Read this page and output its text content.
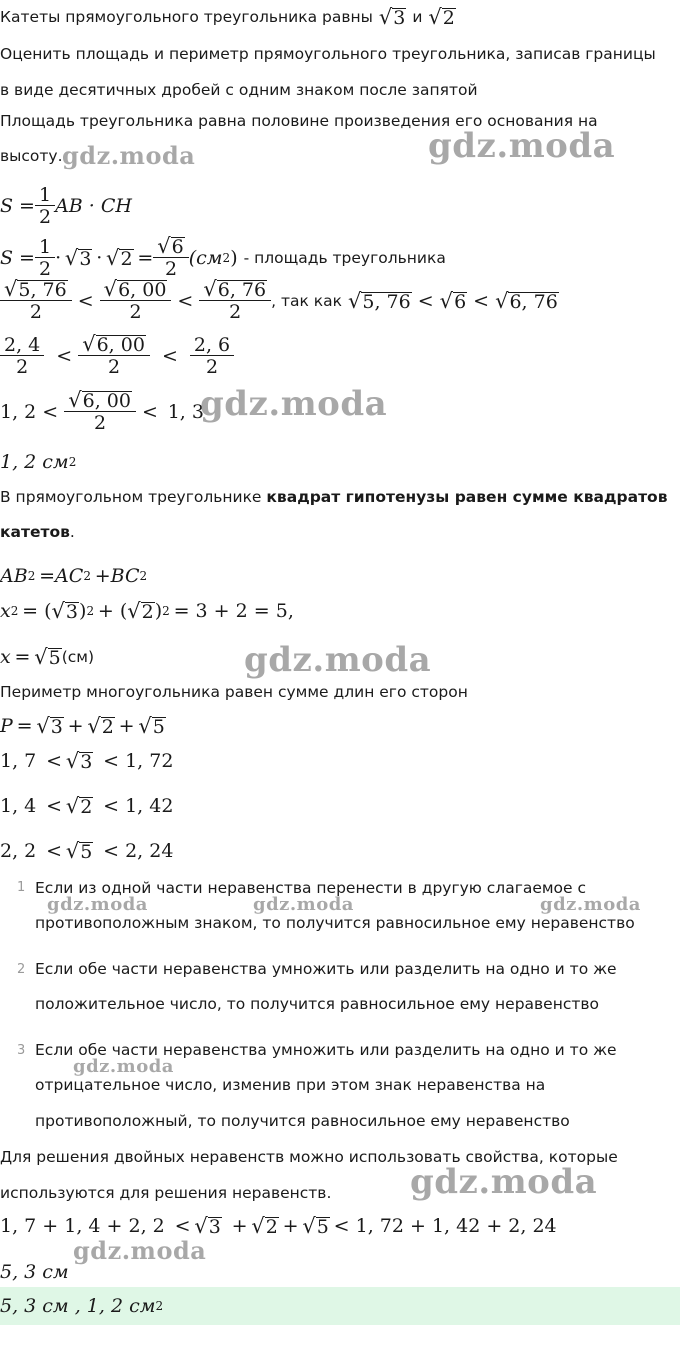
Катеты прямоугольного треугольника равны √ 3 и √ 2
Оценить площадь и периметр прямоугольного треугольника, записав границы
в виде десятичных дробей с одним знаком после запятой
Площадь треугольника равна половине произведения его основания на
высоту.
$S = \frac{1}{2}$ AB · CH
$S = \frac{1}{2}$ ·  √ 3  ·  √ $2 = \frac{√ 6}{2} (см$ 2 ) - площадь треугольника
$\frac{√ 5, 76}{2} < \frac{√ 6, 00}{2} < \frac{√ 6, 76}{2}$ , так как √ 5, 76 < √ 6 < √ 6, 76
$\frac{2, 4}{2} < \frac{√ 6, 00}{2} < \frac{2, 6}{2}$
1, $2 < \frac{√ 6, 00}{2} < 1$, 3
1, 2 см 2
В прямоугольном треугольнике квадрат гипотенузы равен сумме квадратов
катетов.
AB 2  = AC 2  + BC 2
x 2  = ( √ 3 ) 2  + ( √ 2 ) 2  = 3 + 2 = 5,
x  =  √ 5 (см)
Периметр многоугольника равен сумме длин его сторон
P  =  √ 3  +  √ 2  +  √ 5
1, 7  <  √ 3   < 1, 72
1, 4  <  √ 2   < 1, 42
2, 2  <  √ 5   < 2, 24
1 Если из одной части неравенства перенести в другую слагаемое с
противоположным знаком, то получится равносильное ему неравенство
2 Если обе части неравенства умножить или разделить на одно и то же
положительное число, то получится равносильное ему неравенство
3 Если обе части неравенства умножить или разделить на одно и то же
отрицательное число, изменив при этом знак неравенства на
противоположный, то получится равносильное ему неравенство
Для решения двойных неравенств можно использовать свойства, которые
используются для решения неравенств.
1, 7 + 1, 4 + 2, 2  <  √ 3   +  √ 2  +  √ 5  < 1, 72 + 1, 42 + 2, 24
5, 3 см
5, 3 см , 1, 2 см 2
gdz.moda	gdz.moda
gdz.moda
gdz.moda
gdz.moda	gdz.moda	gdz.moda
gdz.moda
gdz.moda
gdz.moda
